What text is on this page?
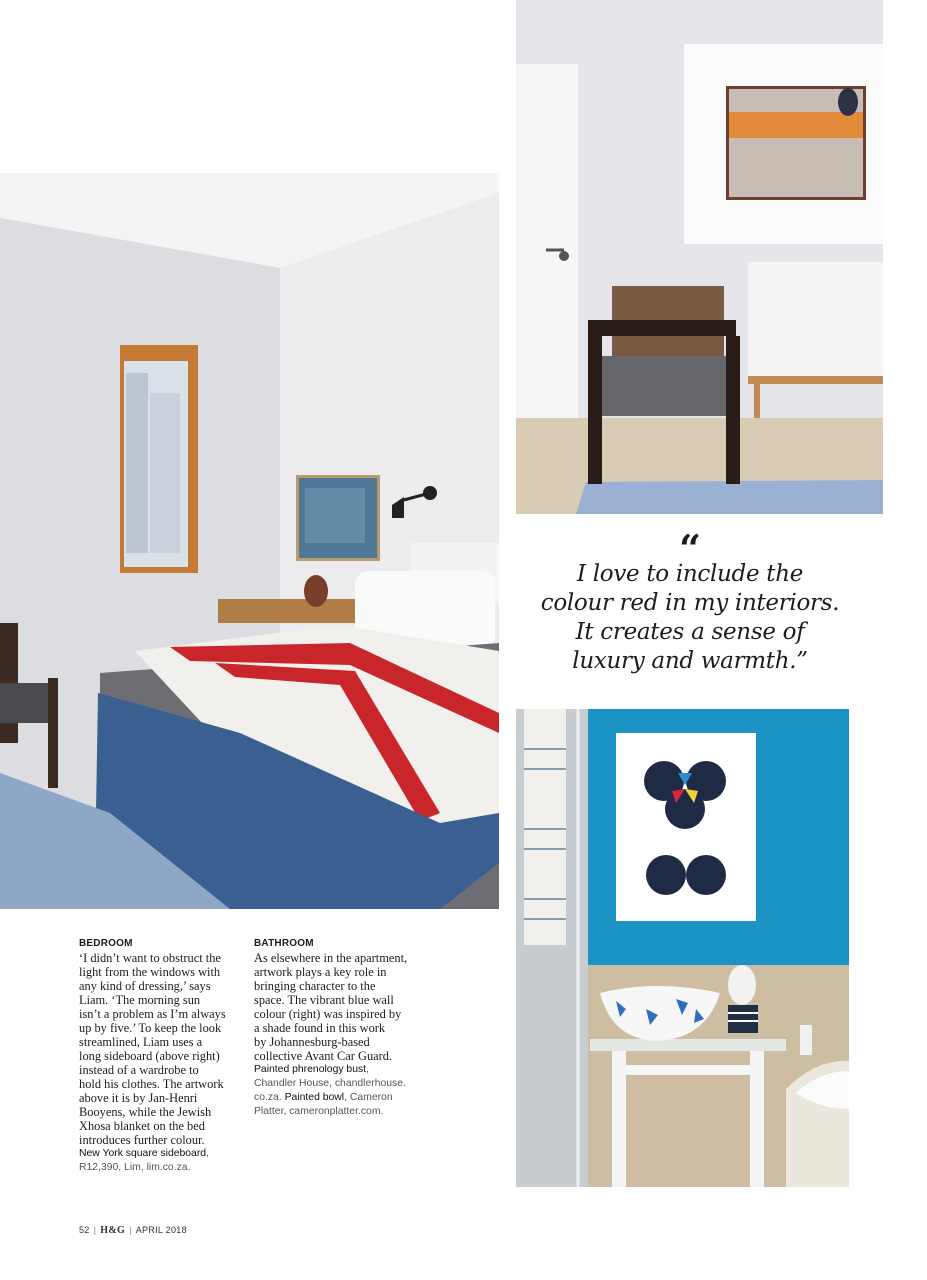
“
I love to include the
colour red in my interiors.
It creates a sense of
luxury and warmth.”
BEDROOM
‘I didn’t want to obstruct the
light from the windows with
any kind of dressing,’ says
Liam. ‘The morning sun
isn’t a problem as I’m always
up by five.’ To keep the look
streamlined, Liam uses a
long sideboard (above right)
instead of a wardrobe to
hold his clothes. The artwork
above it is by Jan-Henri
Booyens, while the Jewish
Xhosa blanket on the bed
introduces further colour.
New York square sideboard,
R12,390, Lim, lim.co.za.
BATHROOM
As elsewhere in the apartment,
artwork plays a key role in
bringing character to the
space. The vibrant blue wall
colour (right) was inspired by
a shade found in this work
by Johannesburg-based
collective Avant Car Guard.
Painted phrenology bust,
Chandler House, chandlerhouse.
co.za. Painted bowl, Cameron
Platter, cameronplatter.com.
52 | H&G | APRIL 2018
